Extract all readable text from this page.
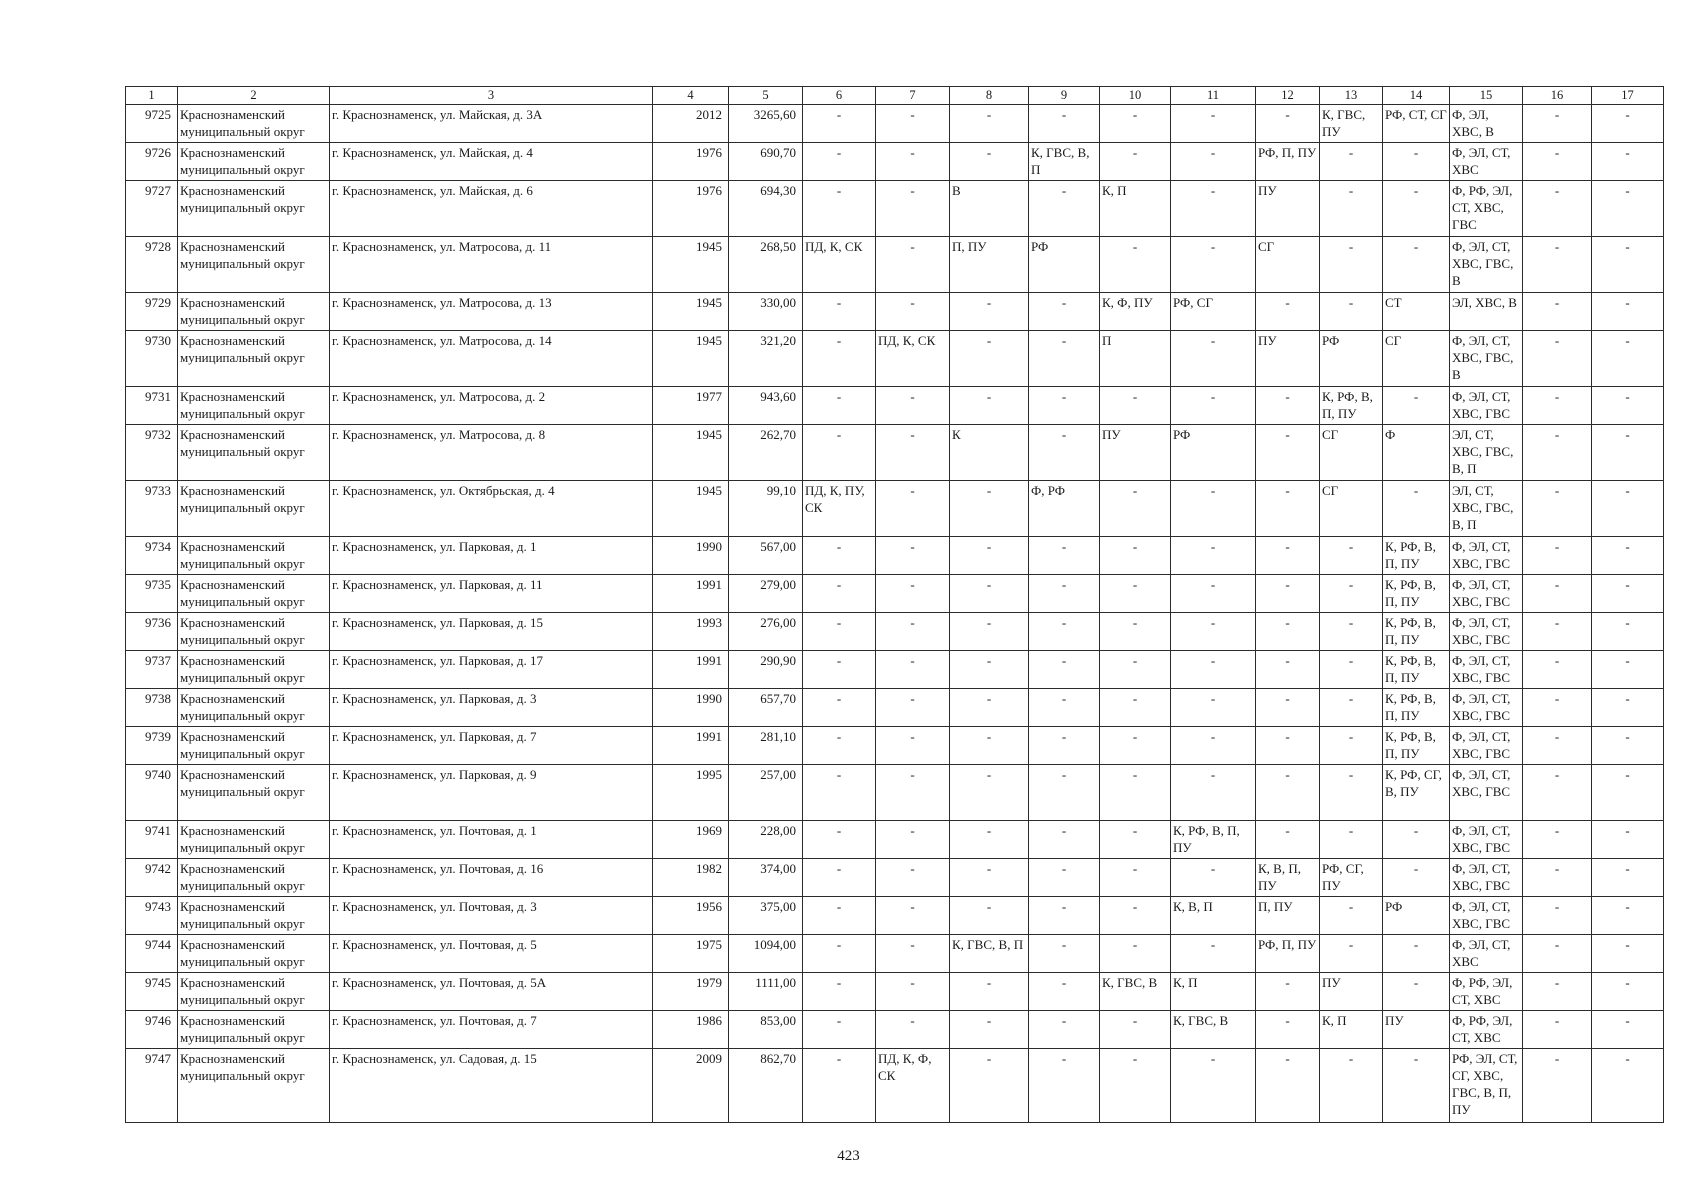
1	2	3	4	5	6	7	8	9	10	11	12	13	14	15	16	17
9725	Краснознаменский муниципальный округ	г. Краснознаменск, ул. Майская, д. 3А	2012	3265,60	-	-	-	-	-	-	-	К, ГВС, ПУ	РФ, СТ, СГ	Ф, ЭЛ, ХВС, В	-	-
9726	Краснознаменский муниципальный округ	г. Краснознаменск, ул. Майская, д. 4	1976	690,70	-	-	-	К, ГВС, В, П	-	-	РФ, П, ПУ	-	-	Ф, ЭЛ, СТ, ХВС	-	-
9727	Краснознаменский муниципальный округ	г. Краснознаменск, ул. Майская, д. 6	1976	694,30	-	-	В	-	К, П	-	ПУ	-	-	Ф, РФ, ЭЛ, СТ, ХВС, ГВС	-	-
9728	Краснознаменский муниципальный округ	г. Краснознаменск, ул. Матросова, д. 11	1945	268,50	ПД, К, СК	-	П, ПУ	РФ	-	-	СГ	-	-	Ф, ЭЛ, СТ, ХВС, ГВС, В	-	-
9729	Краснознаменский муниципальный округ	г. Краснознаменск, ул. Матросова, д. 13	1945	330,00	-	-	-	-	К, Ф, ПУ	РФ, СГ	-	-	СТ	ЭЛ, ХВС, В	-	-
9730	Краснознаменский муниципальный округ	г. Краснознаменск, ул. Матросова, д. 14	1945	321,20	-	ПД, К, СК	-	-	П	-	ПУ	РФ	СГ	Ф, ЭЛ, СТ, ХВС, ГВС, В	-	-
9731	Краснознаменский муниципальный округ	г. Краснознаменск, ул. Матросова, д. 2	1977	943,60	-	-	-	-	-	-	-	К, РФ, В, П, ПУ	-	Ф, ЭЛ, СТ, ХВС, ГВС	-	-
9732	Краснознаменский муниципальный округ	г. Краснознаменск, ул. Матросова, д. 8	1945	262,70	-	-	К	-	ПУ	РФ	-	СГ	Ф	ЭЛ, СТ, ХВС, ГВС, В, П	-	-
9733	Краснознаменский муниципальный округ	г. Краснознаменск, ул. Октябрьская, д. 4	1945	99,10	ПД, К, ПУ, СК	-	-	Ф, РФ	-	-	-	СГ	-	ЭЛ, СТ, ХВС, ГВС, В, П	-	-
9734	Краснознаменский муниципальный округ	г. Краснознаменск, ул. Парковая, д. 1	1990	567,00	-	-	-	-	-	-	-	-	К, РФ, В, П, ПУ	Ф, ЭЛ, СТ, ХВС, ГВС	-	-
9735	Краснознаменский муниципальный округ	г. Краснознаменск, ул. Парковая, д. 11	1991	279,00	-	-	-	-	-	-	-	-	К, РФ, В, П, ПУ	Ф, ЭЛ, СТ, ХВС, ГВС	-	-
9736	Краснознаменский муниципальный округ	г. Краснознаменск, ул. Парковая, д. 15	1993	276,00	-	-	-	-	-	-	-	-	К, РФ, В, П, ПУ	Ф, ЭЛ, СТ, ХВС, ГВС	-	-
9737	Краснознаменский муниципальный округ	г. Краснознаменск, ул. Парковая, д. 17	1991	290,90	-	-	-	-	-	-	-	-	К, РФ, В, П, ПУ	Ф, ЭЛ, СТ, ХВС, ГВС	-	-
9738	Краснознаменский муниципальный округ	г. Краснознаменск, ул. Парковая, д. 3	1990	657,70	-	-	-	-	-	-	-	-	К, РФ, В, П, ПУ	Ф, ЭЛ, СТ, ХВС, ГВС	-	-
9739	Краснознаменский муниципальный округ	г. Краснознаменск, ул. Парковая, д. 7	1991	281,10	-	-	-	-	-	-	-	-	К, РФ, В, П, ПУ	Ф, ЭЛ, СТ, ХВС, ГВС	-	-
9740	Краснознаменский муниципальный округ	г. Краснознаменск, ул. Парковая, д. 9	1995	257,00	-	-	-	-	-	-	-	-	К, РФ, СГ, В, ПУ	Ф, ЭЛ, СТ, ХВС, ГВС	-	-
9741	Краснознаменский муниципальный округ	г. Краснознаменск, ул. Почтовая, д. 1	1969	228,00	-	-	-	-	-	К, РФ, В, П, ПУ	-	-	-	Ф, ЭЛ, СТ, ХВС, ГВС	-	-
9742	Краснознаменский муниципальный округ	г. Краснознаменск, ул. Почтовая, д. 16	1982	374,00	-	-	-	-	-	-	К, В, П, ПУ	РФ, СГ, ПУ	-	Ф, ЭЛ, СТ, ХВС, ГВС	-	-
9743	Краснознаменский муниципальный округ	г. Краснознаменск, ул. Почтовая, д. 3	1956	375,00	-	-	-	-	-	К, В, П	П, ПУ	-	РФ	Ф, ЭЛ, СТ, ХВС, ГВС	-	-
9744	Краснознаменский муниципальный округ	г. Краснознаменск, ул. Почтовая, д. 5	1975	1094,00	-	-	К, ГВС, В, П	-	-	-	РФ, П, ПУ	-	-	Ф, ЭЛ, СТ, ХВС	-	-
9745	Краснознаменский муниципальный округ	г. Краснознаменск, ул. Почтовая, д. 5А	1979	1111,00	-	-	-	-	К, ГВС, В	К, П	-	ПУ	-	Ф, РФ, ЭЛ, СТ, ХВС	-	-
9746	Краснознаменский муниципальный округ	г. Краснознаменск, ул. Почтовая, д. 7	1986	853,00	-	-	-	-	-	К, ГВС, В	-	К, П	ПУ	Ф, РФ, ЭЛ, СТ, ХВС	-	-
9747	Краснознаменский муниципальный округ	г. Краснознаменск, ул. Садовая, д. 15	2009	862,70	-	ПД, К, Ф, СК	-	-	-	-	-	-	-	РФ, ЭЛ, СТ, СГ, ХВС, ГВС, В, П, ПУ	-	-
423
